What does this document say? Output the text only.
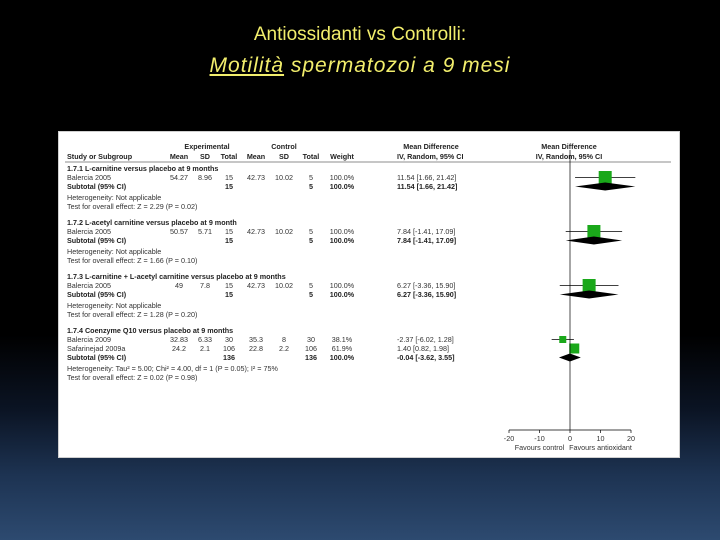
Antiossidanti vs Controlli:
Motilità spermatozoi a 9 mesi
Experimental	Control	Mean Difference	Mean Difference
Study or Subgroup	Mean SD Total Mean SD Total Weight	IV, Random, 95% CI	IV, Random, 95% CI
1.7.1 L-carnitine versus placebo at 9 months
Balercia 2005	54.27 8.96 15 42.73 10.02 5 100.0%	11.54 [1.66, 21.42]
Subtotal (95% CI)	15	5 100.0%	11.54 [1.66, 21.42]
Heterogeneity: Not applicable
Test for overall effect: Z = 2.29 (P = 0.02)
1.7.2 L-acetyl carnitine versus placebo at 9 month
Balercia 2005	50.57 5.71 15 42.73 10.02 5 100.0%	7.84 [-1.41, 17.09]
Subtotal (95% CI)	15	5 100.0%	7.84 [-1.41, 17.09]
Heterogeneity: Not applicable
Test for overall effect: Z = 1.66 (P = 0.10)
1.7.3 L-carnitine + L-acetyl carnitine versus placebo at 9 months
Balercia 2005	49 7.8 15 42.73 10.02 5 100.0%	6.27 [-3.36, 15.90]
Subtotal (95% CI)	15	5 100.0%	6.27 [-3.36, 15.90]
Heterogeneity: Not applicable
Test for overall effect: Z = 1.28 (P = 0.20)
1.7.4 Coenzyme Q10 versus placebo at 9 months
Balercia 2009	32.83 6.33 30 35.3	8	30 38.1%	-2.37 [-6.02, 1.28]
Safarinejad 2009a	24.2 2.1 106 22.8 2.2 106 61.9%	1.40 [0.82, 1.98]
Subtotal (95% CI)	136	136 100.0%	-0.04 [-3.62, 3.55]
Heterogeneity: Tau² = 5.00; Chi² = 4.00, df = 1 (P = 0.05); I² = 75%
Test for overall effect: Z = 0.02 (P = 0.98)
-20	-10	0	10	20
Favours control Favours antioxidant
